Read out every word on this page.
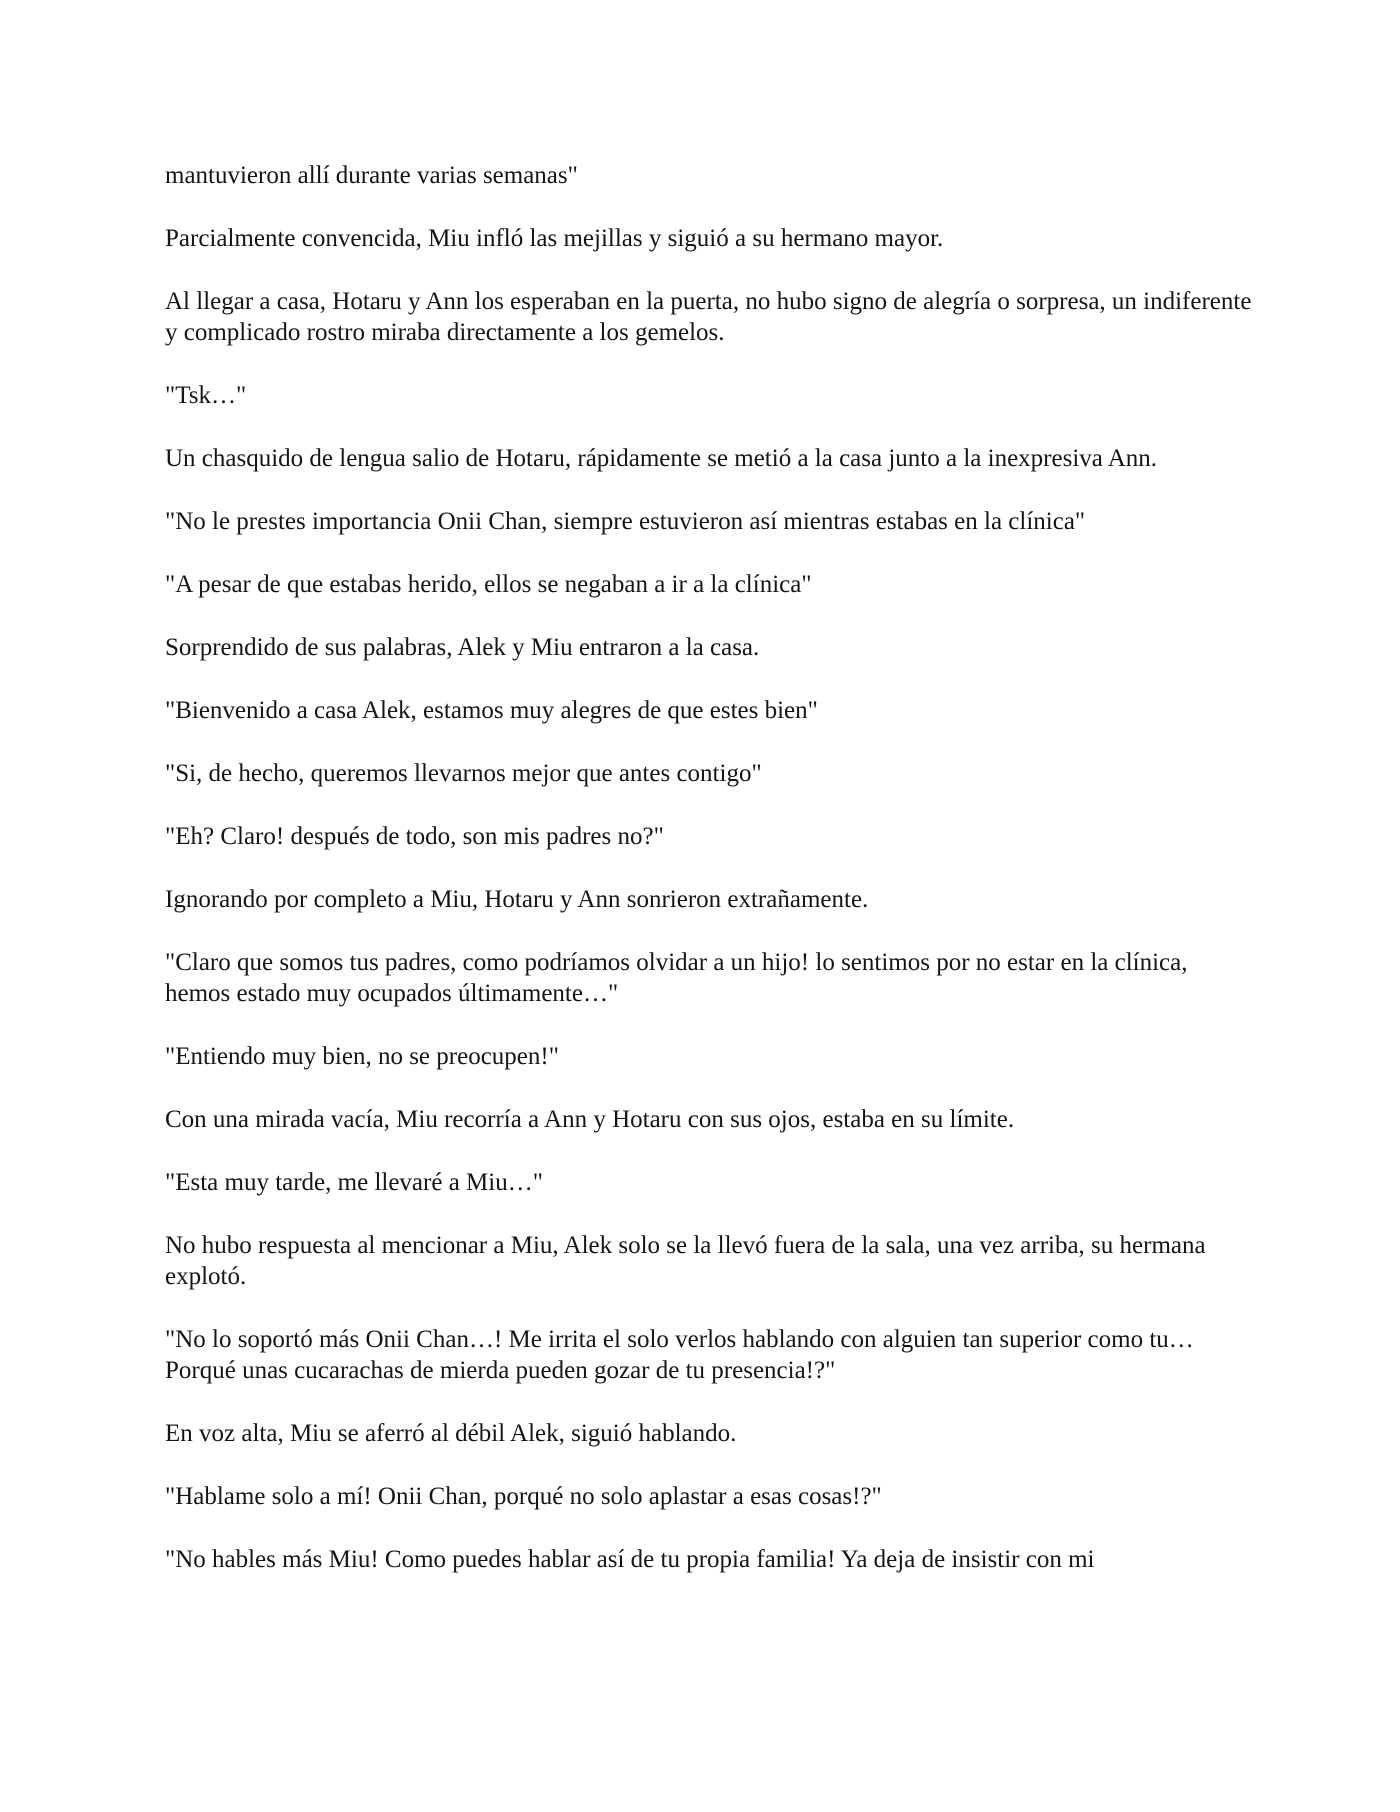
mantuvieron allí durante varias semanas"

Parcialmente convencida, Miu infló las mejillas y siguió a su hermano mayor.

Al llegar a casa, Hotaru y Ann los esperaban en la puerta, no hubo signo de alegría o sorpresa, un indiferente y complicado rostro miraba directamente a los gemelos.

"Tsk…"

Un chasquido de lengua salio de Hotaru, rápidamente se metió a la casa junto a la inexpresiva Ann.

"No le prestes importancia Onii Chan, siempre estuvieron así mientras estabas en la clínica"

"A pesar de que estabas herido, ellos se negaban a ir a la clínica"

Sorprendido de sus palabras, Alek y Miu entraron a la casa.

"Bienvenido a casa Alek, estamos muy alegres de que estes bien"

"Si, de hecho, queremos llevarnos mejor que antes contigo"

"Eh? Claro! después de todo, son mis padres no?"

Ignorando por completo a Miu, Hotaru y Ann sonrieron extrañamente.

"Claro que somos tus padres, como podríamos olvidar a un hijo! lo sentimos por no estar en la clínica, hemos estado muy ocupados últimamente…"

"Entiendo muy bien, no se preocupen!"

Con una mirada vacía, Miu recorría a Ann y Hotaru con sus ojos, estaba en su límite.

"Esta muy tarde, me llevaré a Miu…"

No hubo respuesta al mencionar a Miu, Alek solo se la llevó fuera de la sala, una vez arriba, su hermana explotó.

"No lo soportó más Onii Chan…! Me irrita el solo verlos hablando con alguien tan superior como tu… Porqué unas cucarachas de mierda pueden gozar de tu presencia!?"

En voz alta, Miu se aferró al débil Alek, siguió hablando.

"Hablame solo a mí! Onii Chan, porqué no solo aplastar a esas cosas!?"

"No hables más Miu! Como puedes hablar así de tu propia familia! Ya deja de insistir con mi
